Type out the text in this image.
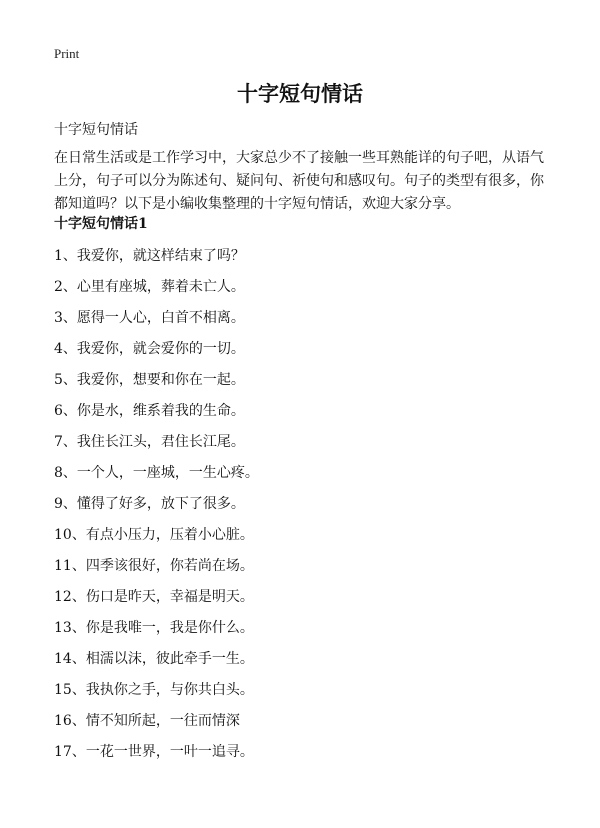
Print
十字短句情话
十字短句情话

在日常生活或是工作学习中，大家总少不了接触一些耳熟能详的句子吧，从语气上分，句子可以分为陈述句、疑问句、祈使句和感叹句。句子的类型有很多，你都知道吗？以下是小编收集整理的十字短句情话，欢迎大家分享。

十字短句情话1
1、我爱你，就这样结束了吗？
2、心里有座城，葬着未亡人。
3、愿得一人心，白首不相离。
4、我爱你，就会爱你的一切。
5、我爱你，想要和你在一起。
6、你是水，维系着我的生命。
7、我住长江头，君住长江尾。
8、一个人，一座城，一生心疼。
9、懂得了好多，放下了很多。
10、有点小压力，压着小心脏。
11、四季该很好，你若尚在场。
12、伤口是昨天，幸福是明天。
13、你是我唯一，我是你什么。
14、相濡以沫，彼此牵手一生。
15、我执你之手，与你共白头。
16、情不知所起，一往而情深
17、一花一世界，一叶一追寻。
